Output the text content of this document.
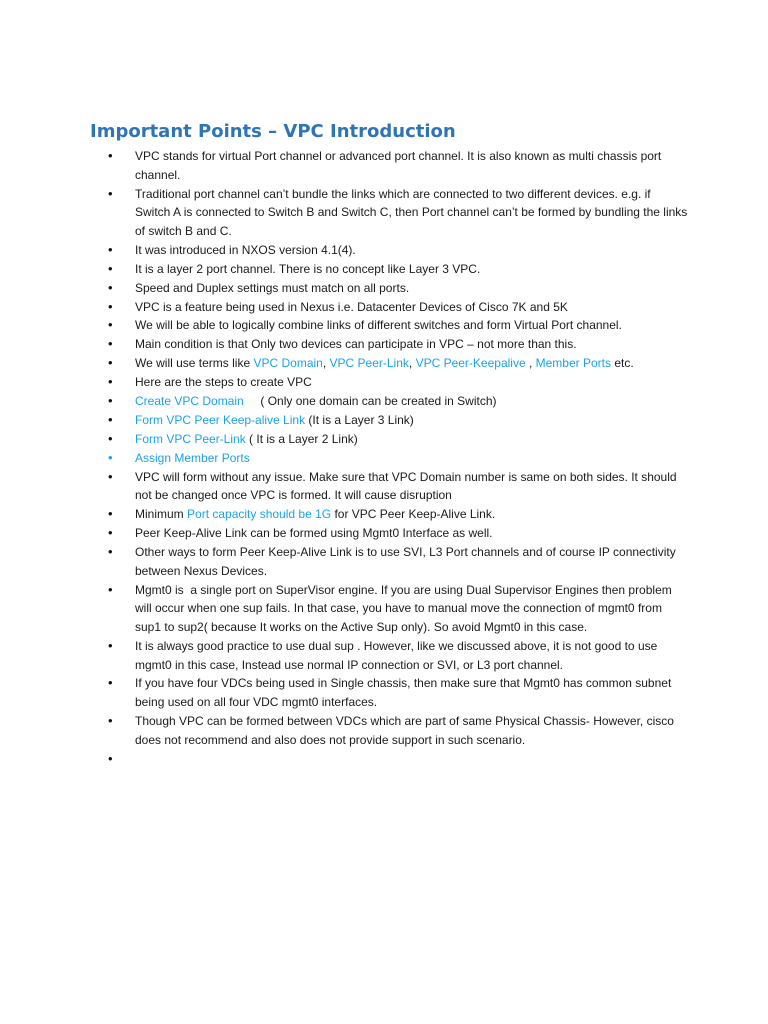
Important Points – VPC Introduction
•	VPC stands for virtual Port channel or advanced port channel. It is also known as multi chassis port channel.
•	Traditional port channel can’t bundle the links which are connected to two different devices. e.g. if Switch A is connected to Switch B and Switch C, then Port channel can’t be formed by bundling the links of switch B and C.
•	It was introduced in NXOS version 4.1(4).
•	It is a layer 2 port channel. There is no concept like Layer 3 VPC.
•	Speed and Duplex settings must match on all ports.
•	VPC is a feature being used in Nexus i.e. Datacenter Devices of Cisco 7K and 5K
•	We will be able to logically combine links of different switches and form Virtual Port channel.
•	Main condition is that Only two devices can participate in VPC – not more than this.
•	We will use terms like VPC Domain, VPC Peer-Link, VPC Peer-Keepalive , Member Ports etc.
•	Here are the steps to create VPC
•	Create VPC Domain     ( Only one domain can be created in Switch)
•	Form VPC Peer Keep-alive Link (It is a Layer 3 Link)
•	Form VPC Peer-Link ( It is a Layer 2 Link)
•	Assign Member Ports
•	VPC will form without any issue. Make sure that VPC Domain number is same on both sides. It should not be changed once VPC is formed. It will cause disruption
•	Minimum Port capacity should be 1G for VPC Peer Keep-Alive Link.
•	Peer Keep-Alive Link can be formed using Mgmt0 Interface as well.
•	Other ways to form Peer Keep-Alive Link is to use SVI, L3 Port channels and of course IP connectivity between Nexus Devices.
•	Mgmt0 is  a single port on SuperVisor engine. If you are using Dual Supervisor Engines then problem will occur when one sup fails. In that case, you have to manual move the connection of mgmt0 from sup1 to sup2( because It works on the Active Sup only). So avoid Mgmt0 in this case.
•	It is always good practice to use dual sup . However, like we discussed above, it is not good to use mgmt0 in this case, Instead use normal IP connection or SVI, or L3 port channel.
•	If you have four VDCs being used in Single chassis, then make sure that Mgmt0 has common subnet being used on all four VDC mgmt0 interfaces.
•	Though VPC can be formed between VDCs which are part of same Physical Chassis- However, cisco does not recommend and also does not provide support in such scenario.
•
